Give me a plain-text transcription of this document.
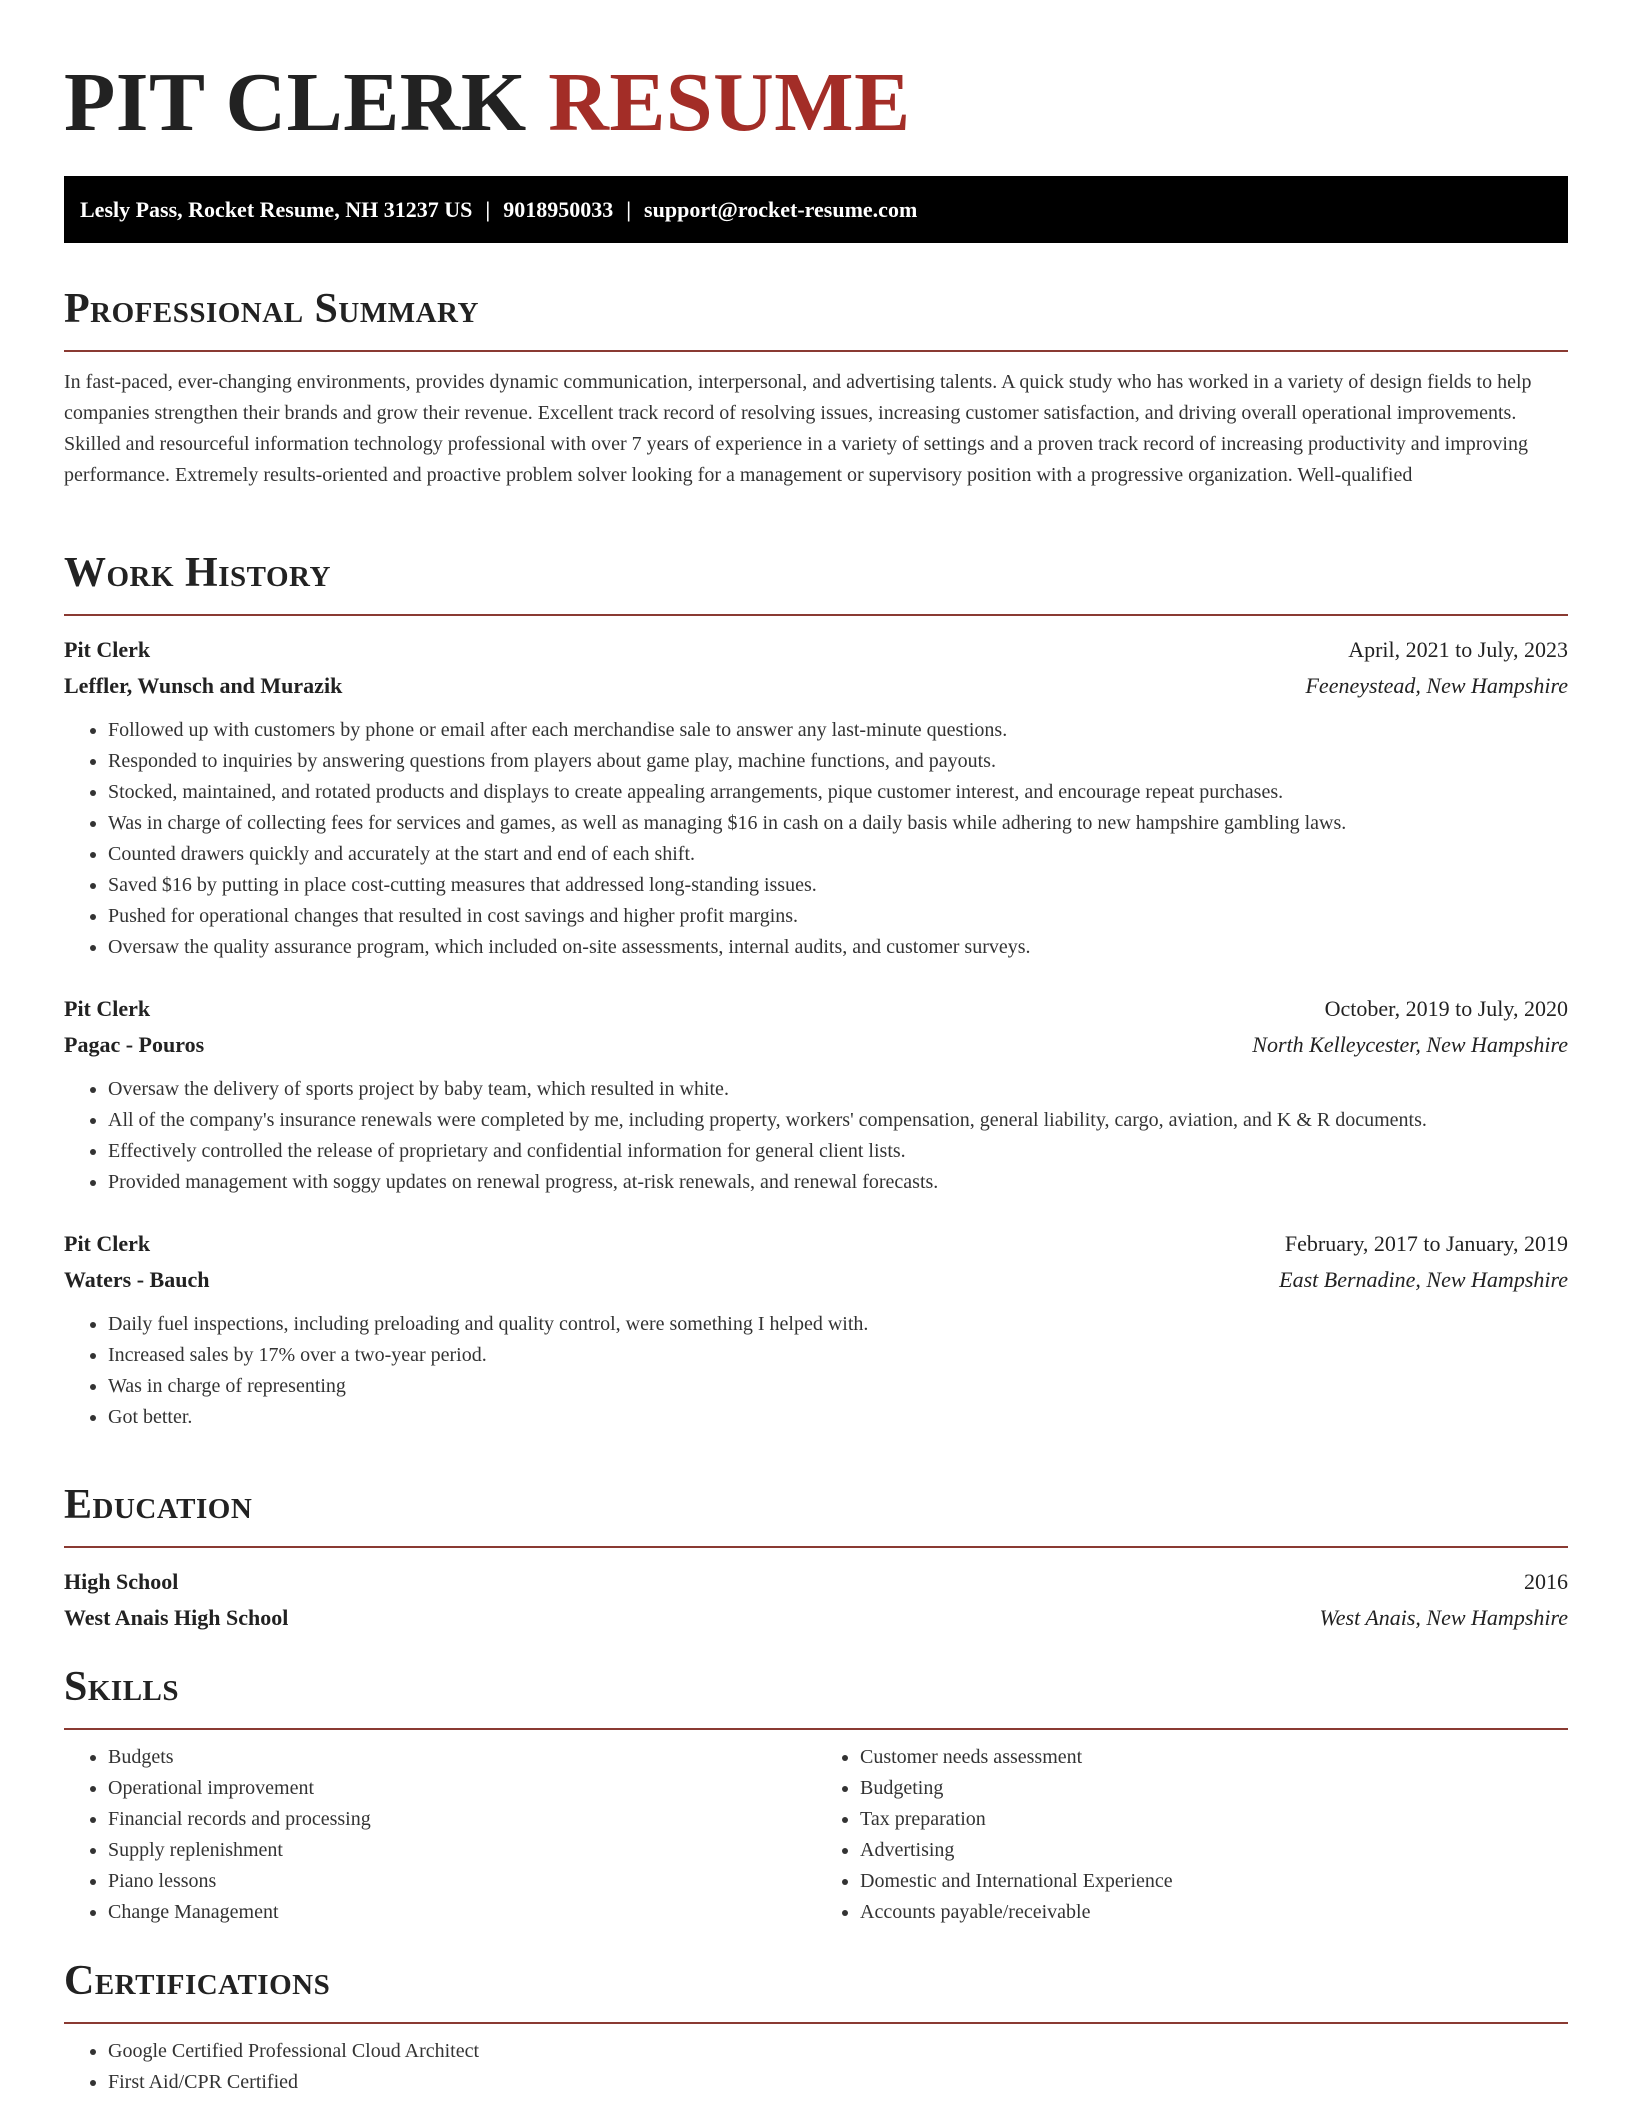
PIT CLERK RESUME
Lesly Pass, Rocket Resume, NH 31237 US | 9018950033 | support@rocket-resume.com
Professional Summary

In fast-paced, ever-changing environments, provides dynamic communication, interpersonal, and advertising talents. A quick study who has worked in a variety of design fields to help companies strengthen their brands and grow their revenue. Excellent track record of resolving issues, increasing customer satisfaction, and driving overall operational improvements. Skilled and resourceful information technology professional with over 7 years of experience in a variety of settings and a proven track record of increasing productivity and improving performance. Extremely results-oriented and proactive problem solver looking for a management or supervisory position with a progressive organization. Well-qualified

Work History
Pit Clerk	April, 2021 to July, 2023
Leffler, Wunsch and Murazik	Feeneystead, New Hampshire
• Followed up with customers by phone or email after each merchandise sale to answer any last-minute questions.
• Responded to inquiries by answering questions from players about game play, machine functions, and payouts.
• Stocked, maintained, and rotated products and displays to create appealing arrangements, pique customer interest, and encourage repeat purchases.
• Was in charge of collecting fees for services and games, as well as managing $16 in cash on a daily basis while adhering to new hampshire gambling laws.
• Counted drawers quickly and accurately at the start and end of each shift.
• Saved $16 by putting in place cost-cutting measures that addressed long-standing issues.
• Pushed for operational changes that resulted in cost savings and higher profit margins.
• Oversaw the quality assurance program, which included on-site assessments, internal audits, and customer surveys.
Pit Clerk	October, 2019 to July, 2020
Pagac - Pouros	North Kelleycester, New Hampshire
• Oversaw the delivery of sports project by baby team, which resulted in white.
• All of the company's insurance renewals were completed by me, including property, workers' compensation, general liability, cargo, aviation, and K & R documents.
• Effectively controlled the release of proprietary and confidential information for general client lists.
• Provided management with soggy updates on renewal progress, at-risk renewals, and renewal forecasts.
Pit Clerk	February, 2017 to January, 2019
Waters - Bauch	East Bernadine, New Hampshire
• Daily fuel inspections, including preloading and quality control, were something I helped with.
• Increased sales by 17% over a two-year period.
• Was in charge of representing
• Got better.
Education
High School	2016
West Anais High School	West Anais, New Hampshire
Skills
• Budgets
• Operational improvement
• Financial records and processing
• Supply replenishment
• Piano lessons
• Change Management
• Customer needs assessment
• Budgeting
• Tax preparation
• Advertising
• Domestic and International Experience
• Accounts payable/receivable
Certifications
• Google Certified Professional Cloud Architect
• First Aid/CPR Certified
